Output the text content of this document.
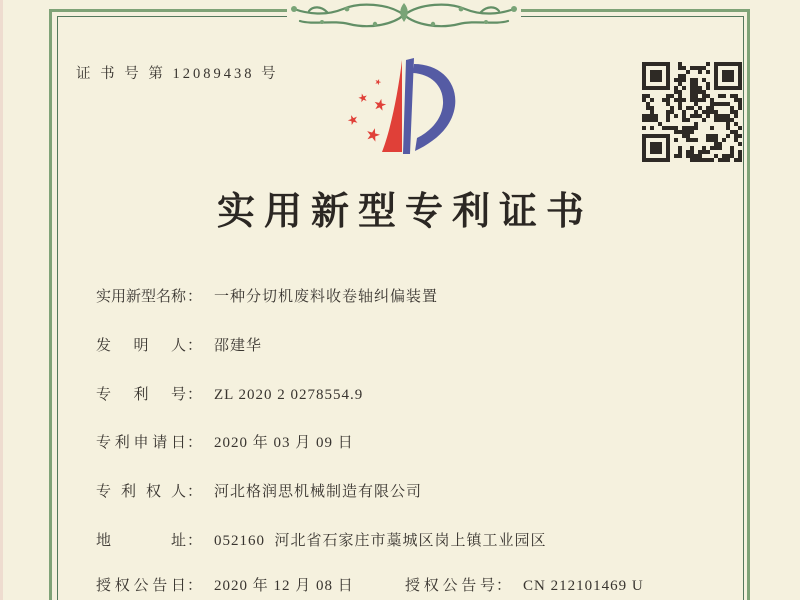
证 书 号 第 12089438 号
实用新型专利证书
实用新型名称： 一种分切机废料收卷轴纠偏装置
发明人： 邵建华
专利号： ZL 2020 2 0278554.9
专利申请日： 2020 年 03 月 09 日
专利权人： 河北格润思机械制造有限公司
地址： 052160  河北省石家庄市藁城区岗上镇工业园区
授权公告日： 2020 年 12 月 08 日	授权公告号： CN 212101469 U
